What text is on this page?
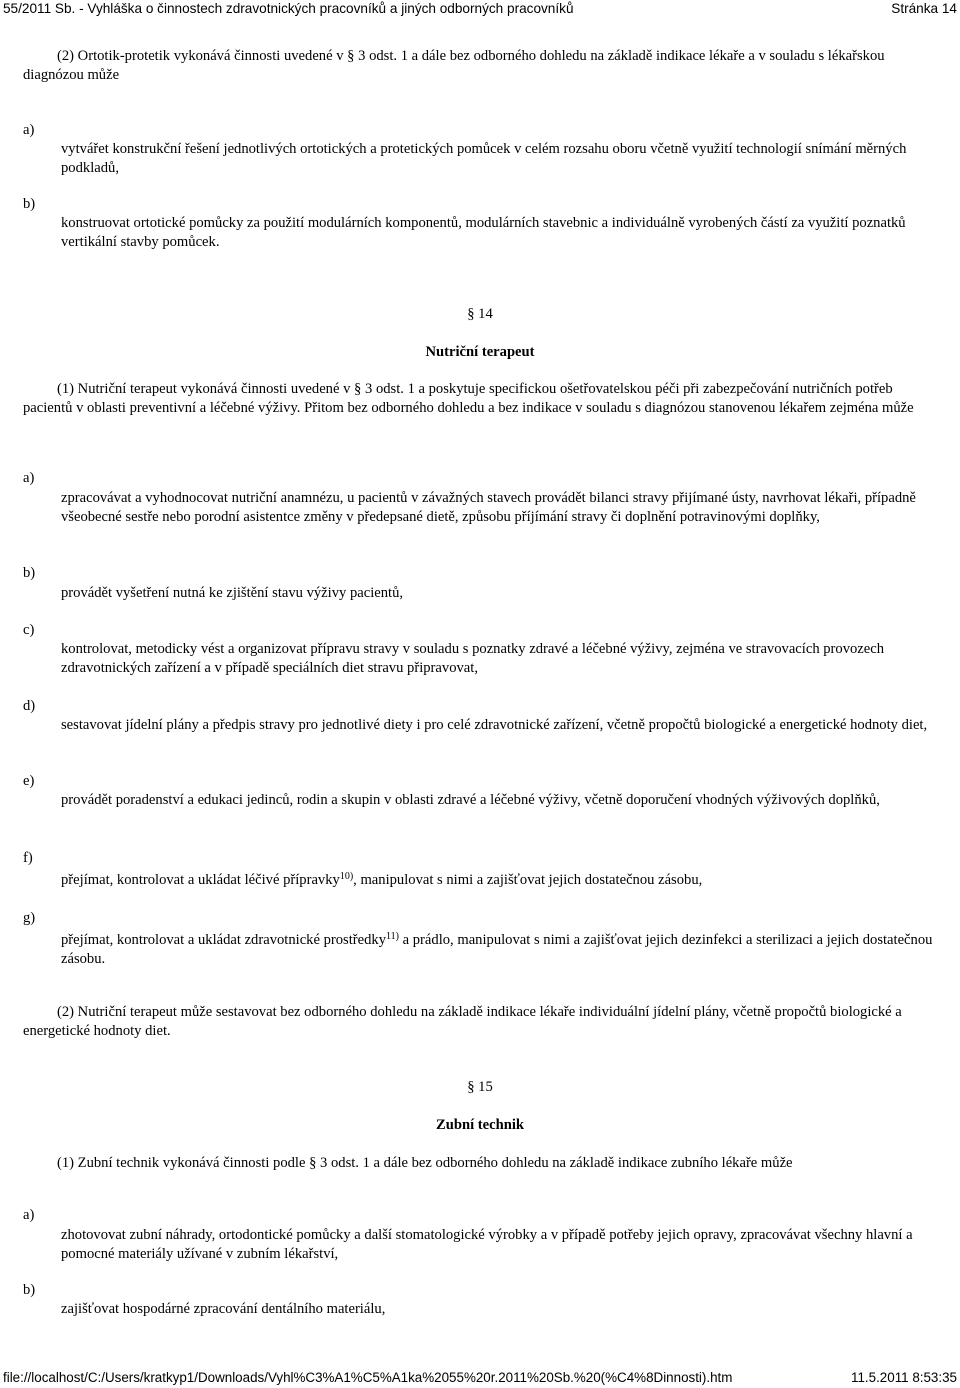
55/2011 Sb. - Vyhláška o činnostech zdravotnických pracovníků a jiných odborných pracovníků	Stránka 14

(2) Ortotik-protetik vykonává činnosti uvedené v § 3 odst. 1 a dále bez odborného dohledu na základě indikace lékaře a v souladu s lékařskou diagnózou může

a)

vytvářet konstrukční řešení jednotlivých ortotických a protetických pomůcek v celém rozsahu oboru včetně využití technologií snímání měrných podkladů,

b)

konstruovat ortotické pomůcky za použití modulárních komponentů, modulárních stavebnic a individuálně vyrobených částí za využití poznatků vertikální stavby pomůcek.

§ 14

Nutriční terapeut

(1) Nutriční terapeut vykonává činnosti uvedené v § 3 odst. 1 a poskytuje specifickou ošetřovatelskou péči při zabezpečování nutričních potřeb pacientů v oblasti preventivní a léčebné výživy. Přitom bez odborného dohledu a bez indikace v souladu s diagnózou stanovenou lékařem zejména může

a)

zpracovávat a vyhodnocovat nutriční anamnézu, u pacientů v závažných stavech provádět bilanci stravy přijímané ústy, navrhovat lékaři, případně všeobecné sestře nebo porodní asistentce změny v předepsané dietě, způsobu příjímání stravy či doplnění potravinovými doplňky,

b)

provádět vyšetření nutná ke zjištění stavu výživy pacientů,

c)

kontrolovat, metodicky vést a organizovat přípravu stravy v souladu s poznatky zdravé a léčebné výživy, zejména ve stravovacích provozech zdravotnických zařízení a v případě speciálních diet stravu připravovat,

d)

sestavovat jídelní plány a předpis stravy pro jednotlivé diety i pro celé zdravotnické zařízení, včetně propočtů biologické a energetické hodnoty diet,

e)

provádět poradenství a edukaci jedinců, rodin a skupin v oblasti zdravé a léčebné výživy, včetně doporučení vhodných výživových doplňků,

f)

přejímat, kontrolovat a ukládat léčivé přípravky$^{10)}$, manipulovat s nimi a zajišťovat jejich dostatečnou zásobu,

g)

přejímat, kontrolovat a ukládat zdravotnické prostředky$^{11)}$ a prádlo, manipulovat s nimi a zajišťovat jejich dezinfekci a sterilizaci a jejich dostatečnou zásobu.

(2) Nutriční terapeut může sestavovat bez odborného dohledu na základě indikace lékaře individuální jídelní plány, včetně propočtů biologické a energetické hodnoty diet.

§ 15

Zubní technik

(1) Zubní technik vykonává činnosti podle § 3 odst. 1 a dále bez odborného dohledu na základě indikace zubního lékaře může

a)

zhotovovat zubní náhrady, ortodontické pomůcky a další stomatologické výrobky a v případě potřeby jejich opravy, zpracovávat všechny hlavní a pomocné materiály užívané v zubním lékařství,

b)

zajišťovat hospodárné zpracování dentálního materiálu,

file://localhost/C:/Users/kratkyp1/Downloads/Vyhl%C3%A1%C5%A1ka%2055%20r.2011%20Sb.%20(%C4%8Dinnosti).htm	11.5.2011 8:53:35
